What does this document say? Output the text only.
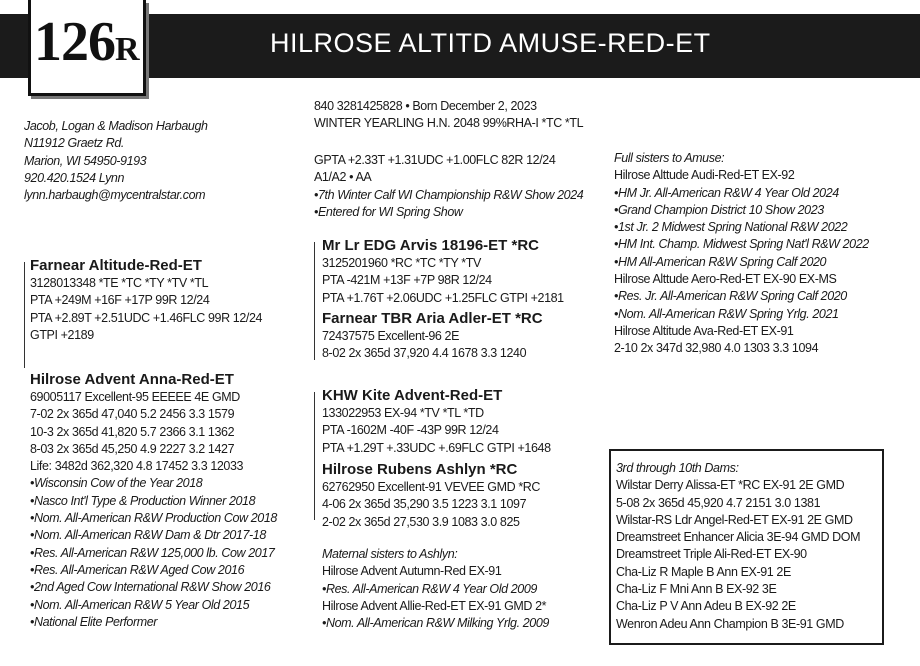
HILROSE ALTITD AMUSE-RED-ET
126R
Jacob, Logan & Madison Harbaugh
N11912 Graetz Rd.
Marion, WI 54950-9193
920.420.1524 Lynn
lynn.harbaugh@mycentralstar.com
840 3281425828 • Born December 2, 2023
WINTER YEARLING H.N. 2048 99%RHA-I *TC *TL
GPTA +2.33T +1.31UDC +1.00FLC 82R 12/24
A1/A2 • AA
•7th Winter Calf WI Championship R&W Show 2024
•Entered for WI Spring Show
Farnear Altitude-Red-ET
3128013348 *TE *TC *TY *TV *TL
PTA +249M +16F +17P 99R 12/24
PTA +2.89T +2.51UDC +1.46FLC 99R 12/24
GTPI +2189
Hilrose Advent Anna-Red-ET
69005117 Excellent-95 EEEEE 4E GMD
7-02 2x 365d 47,040 5.2 2456 3.3 1579
10-3 2x 365d 41,820 5.7 2366 3.1 1362
8-03 2x 365d 45,250 4.9 2227 3.2 1427
Life: 3482d 362,320 4.8 17452 3.3 12033
•Wisconsin Cow of the Year 2018
•Nasco Int'l Type & Production Winner 2018
•Nom. All-American R&W Production Cow 2018
•Nom. All-American R&W Dam & Dtr 2017-18
•Res. All-American R&W 125,000 lb. Cow 2017
•Res. All-American R&W Aged Cow 2016
•2nd Aged Cow International R&W Show 2016
•Nom. All-American R&W 5 Year Old 2015
•National Elite Performer
Mr Lr EDG Arvis 18196-ET *RC
3125201960 *RC *TC *TY *TV
PTA -421M +13F +7P 98R 12/24
PTA +1.76T +2.06UDC +1.25FLC GTPI +2181
Farnear TBR Aria Adler-ET *RC
72437575 Excellent-96 2E
8-02 2x 365d 37,920 4.4 1678 3.3 1240
KHW Kite Advent-Red-ET
133022953 EX-94 *TV *TL *TD
PTA -1602M -40F -43P 99R 12/24
PTA +1.29T +.33UDC +.69FLC GTPI +1648
Hilrose Rubens Ashlyn *RC
62762950 Excellent-91 VEVEE GMD *RC
4-06 2x 365d 35,290 3.5 1223 3.1 1097
2-02 2x 365d 27,530 3.9 1083 3.0 825
Maternal sisters to Ashlyn:
Hilrose Advent Autumn-Red EX-91
•Res. All-American R&W 4 Year Old 2009
Hilrose Advent Allie-Red-ET EX-91 GMD 2*
•Nom. All-American R&W Milking Yrlg. 2009
Full sisters to Amuse:
Hilrose Alttude Audi-Red-ET EX-92
•HM Jr. All-American R&W 4 Year Old 2024
•Grand Champion District 10 Show 2023
•1st Jr. 2 Midwest Spring National R&W 2022
•HM Int. Champ. Midwest Spring Nat'l R&W 2022
•HM All-American R&W Spring Calf 2020
Hilrose Alttude Aero-Red-ET EX-90 EX-MS
•Res. Jr. All-American R&W Spring Calf 2020
•Nom. All-American R&W Spring Yrlg. 2021
Hilrose Altitude Ava-Red-ET EX-91
2-10 2x 347d 32,980 4.0 1303 3.3 1094
3rd through 10th Dams:
Wilstar Derry Alissa-ET *RC EX-91 2E GMD
5-08 2x 365d 45,920 4.7 2151 3.0 1381
Wilstar-RS Ldr Angel-Red-ET EX-91 2E GMD
Dreamstreet Enhancer Alicia 3E-94 GMD DOM
Dreamstreet Triple Ali-Red-ET EX-90
Cha-Liz R Maple B Ann EX-91 2E
Cha-Liz F Mni Ann B EX-92 3E
Cha-Liz P V Ann Adeu B EX-92 2E
Wenron Adeu Ann Champion B 3E-91 GMD
